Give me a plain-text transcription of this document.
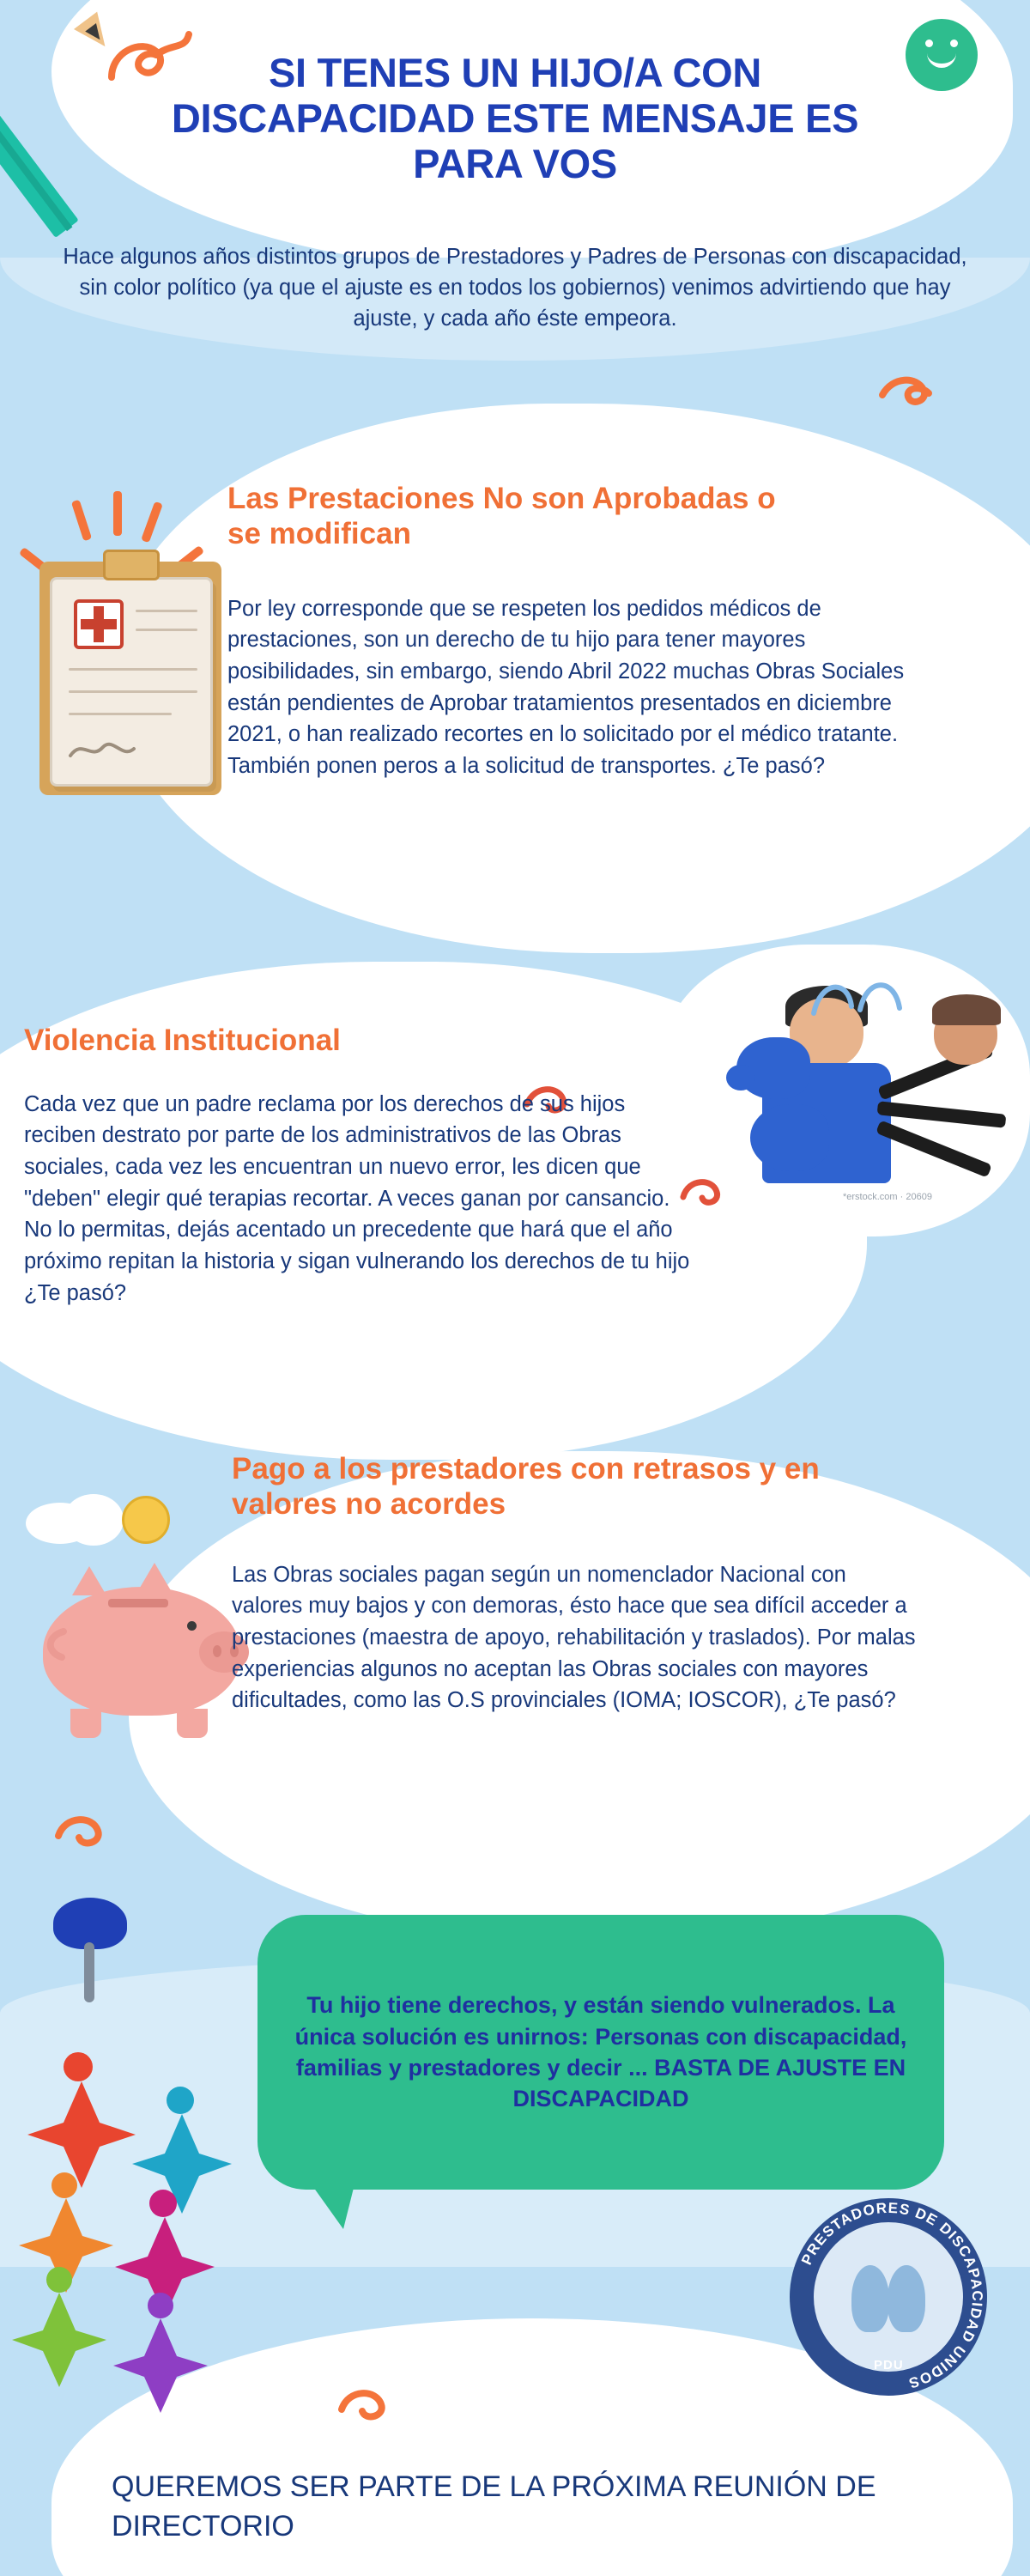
*erstock.com · 20609
SI TENES UN HIJO/A CON DISCAPACIDAD ESTE MENSAJE ES PARA VOS

Hace algunos años distintos grupos de Prestadores y Padres de Personas con discapacidad, sin color político (ya que el ajuste es en todos los gobiernos) venimos advirtiendo que hay ajuste, y cada año éste empeora.

Las Prestaciones No son Aprobadas o se modifican

Por ley corresponde que se respeten los pedidos médicos de prestaciones, son un derecho de tu hijo para tener mayores posibilidades, sin embargo, siendo Abril 2022 muchas Obras Sociales están pendientes de Aprobar tratamientos presentados en diciembre 2021, o han realizado recortes en lo solicitado por el médico tratante. También ponen peros a la solicitud de transportes. ¿Te pasó?

Violencia Institucional

Cada vez que un padre reclama por los derechos de sus hijos reciben destrato por parte de los administrativos de las Obras sociales, cada vez les encuentran un nuevo error, les dicen que "deben" elegir qué terapias recortar. A veces ganan por cansancio. No lo permitas, dejás acentado un precedente que hará que el año próximo repitan la historia y sigan vulnerando los derechos de tu hijo ¿Te pasó?

Pago a los prestadores con retrasos y en valores no acordes

Las Obras sociales pagan según un nomenclador Nacional con valores muy bajos y con demoras, ésto hace que sea difícil acceder a prestaciones (maestra de apoyo, rehabilitación y traslados). Por malas experiencias algunos no aceptan las Obras sociales con mayores dificultades, como las O.S provinciales (IOMA; IOSCOR), ¿Te pasó?

Tu hijo tiene derechos, y están siendo vulnerados. La única solución es unirnos: Personas con discapacidad, familias y prestadores y decir ... BASTA DE AJUSTE EN DISCAPACIDAD

QUEREMOS SER PARTE DE LA PRÓXIMA REUNIÓN DE DIRECTORIO

PRESTADORES DE DISCAPACIDAD UNIDOS
PDU
